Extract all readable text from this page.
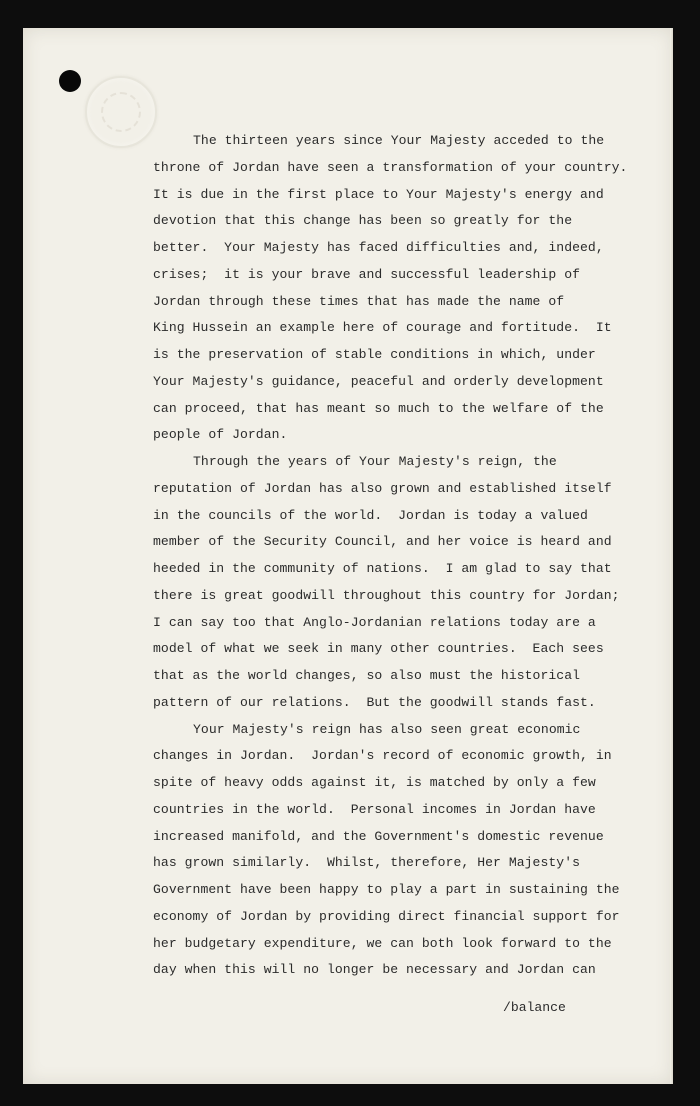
The thirteen years since Your Majesty acceded to the
throne of Jordan have seen a transformation of your country.
It is due in the first place to Your Majesty's energy and
devotion that this change has been so greatly for the
better.  Your Majesty has faced difficulties and, indeed,
crises;  it is your brave and successful leadership of
Jordan through these times that has made the name of
King Hussein an example here of courage and fortitude.  It
is the preservation of stable conditions in which, under
Your Majesty's guidance, peaceful and orderly development
can proceed, that has meant so much to the welfare of the
people of Jordan.
Through the years of Your Majesty's reign, the
reputation of Jordan has also grown and established itself
in the councils of the world.  Jordan is today a valued
member of the Security Council, and her voice is heard and
heeded in the community of nations.  I am glad to say that
there is great goodwill throughout this country for Jordan;
I can say too that Anglo-Jordanian relations today are a
model of what we seek in many other countries.  Each sees
that as the world changes, so also must the historical
pattern of our relations.  But the goodwill stands fast.
Your Majesty's reign has also seen great economic
changes in Jordan.  Jordan's record of economic growth, in
spite of heavy odds against it, is matched by only a few
countries in the world.  Personal incomes in Jordan have
increased manifold, and the Government's domestic revenue
has grown similarly.  Whilst, therefore, Her Majesty's
Government have been happy to play a part in sustaining the
economy of Jordan by providing direct financial support for
her budgetary expenditure, we can both look forward to the
day when this will no longer be necessary and Jordan can
/balance
